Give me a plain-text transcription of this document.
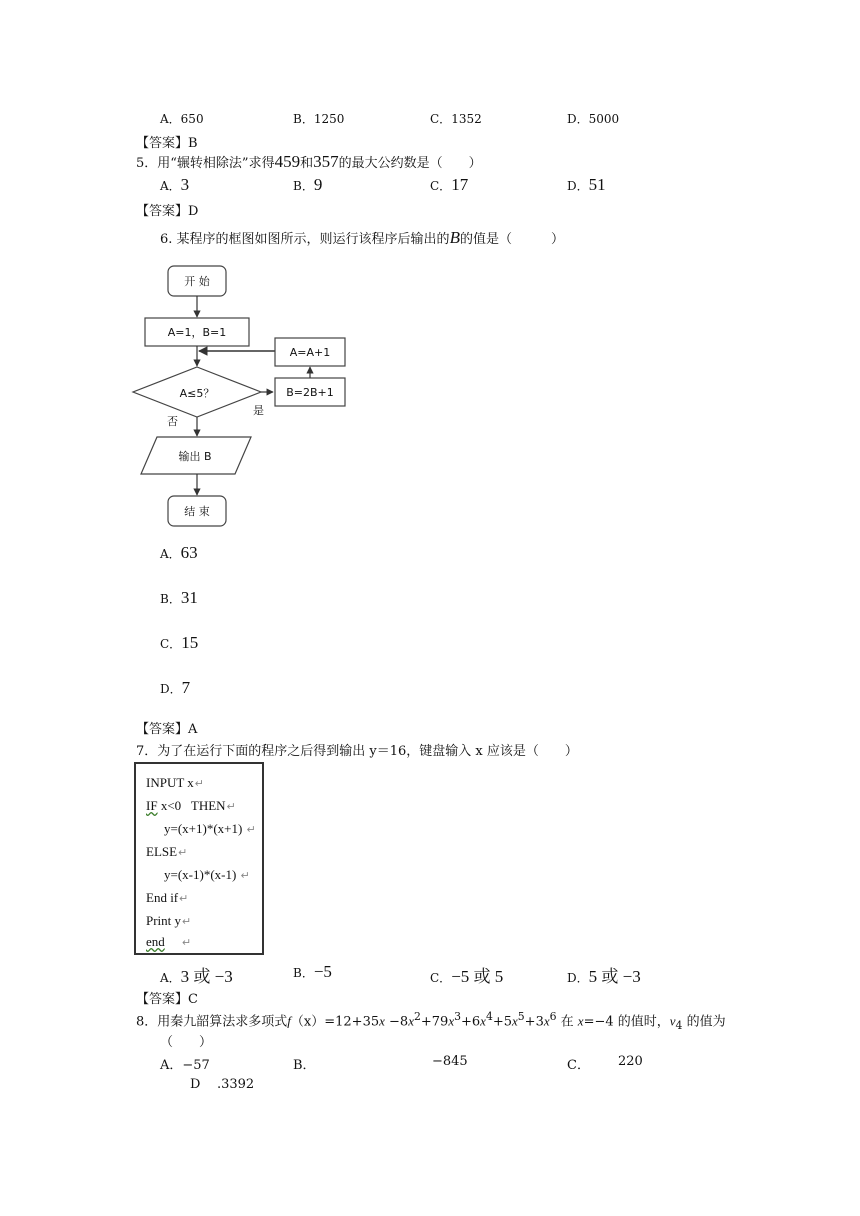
A．650	B．1250	C．1352	D．5000
【答案】B
5．用“辗转相除法”求得459和357的最大公约数是（　　）
A．3	B．9	C．17	D．51
【答案】D
6. 某程序的框图如图所示，则运行该程序后输出的B的值是（　　　）
开 始
A=1，B=1
A≤5？
是
否
A=A+1
B=2B+1
输出 B
结 束
A．63
B．31
C．15
D．7
【答案】A
7．为了在运行下面的程序之后得到输出 y＝16，键盘输入 x 应该是（　　）
INPUT x↵
IF x<0 THEN↵
y=(x+1)*(x+1) ↵
ELSE↵
y=(x-1)*(x-1) ↵
End if↵
Print y↵
end ↵
A．3 或 −3	B．−5	C．−5 或 5	D．5 或 −3
【答案】C
8．用秦九韶算法求多项式$f(x)=12+35x -8x^2+79x^3+6x^4+5x^5+3x^6$ 在 x=−4 的值时，$v_4$ 的值为
（　　）
A．−57	B．	−845	C． 220
D .3392
